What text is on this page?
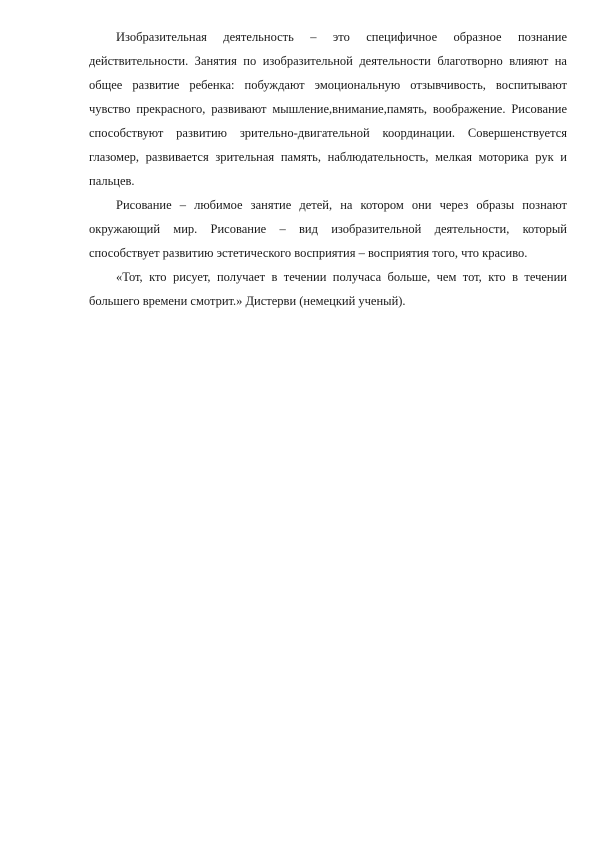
Изобразительная деятельность – это специфичное образное познание действительности. Занятия по изобразительной деятельности благотворно влияют на общее развитие ребенка: побуждают эмоциональную отзывчивость, воспитывают чувство прекрасного, развивают мышление,внимание,память, воображение. Рисование способствуют развитию зрительно-двигательной координации. Совершенствуется глазомер, развивается зрительная память, наблюдательность, мелкая моторика рук и пальцев.

Рисование – любимое занятие детей, на котором они через образы познают окружающий мир. Рисование – вид изобразительной деятельности, который способствует развитию эстетического восприятия – восприятия того, что красиво.

«Тот, кто рисует, получает в течении получаса больше, чем тот, кто в течении большего времени смотрит.» Дистерви (немецкий ученый).
